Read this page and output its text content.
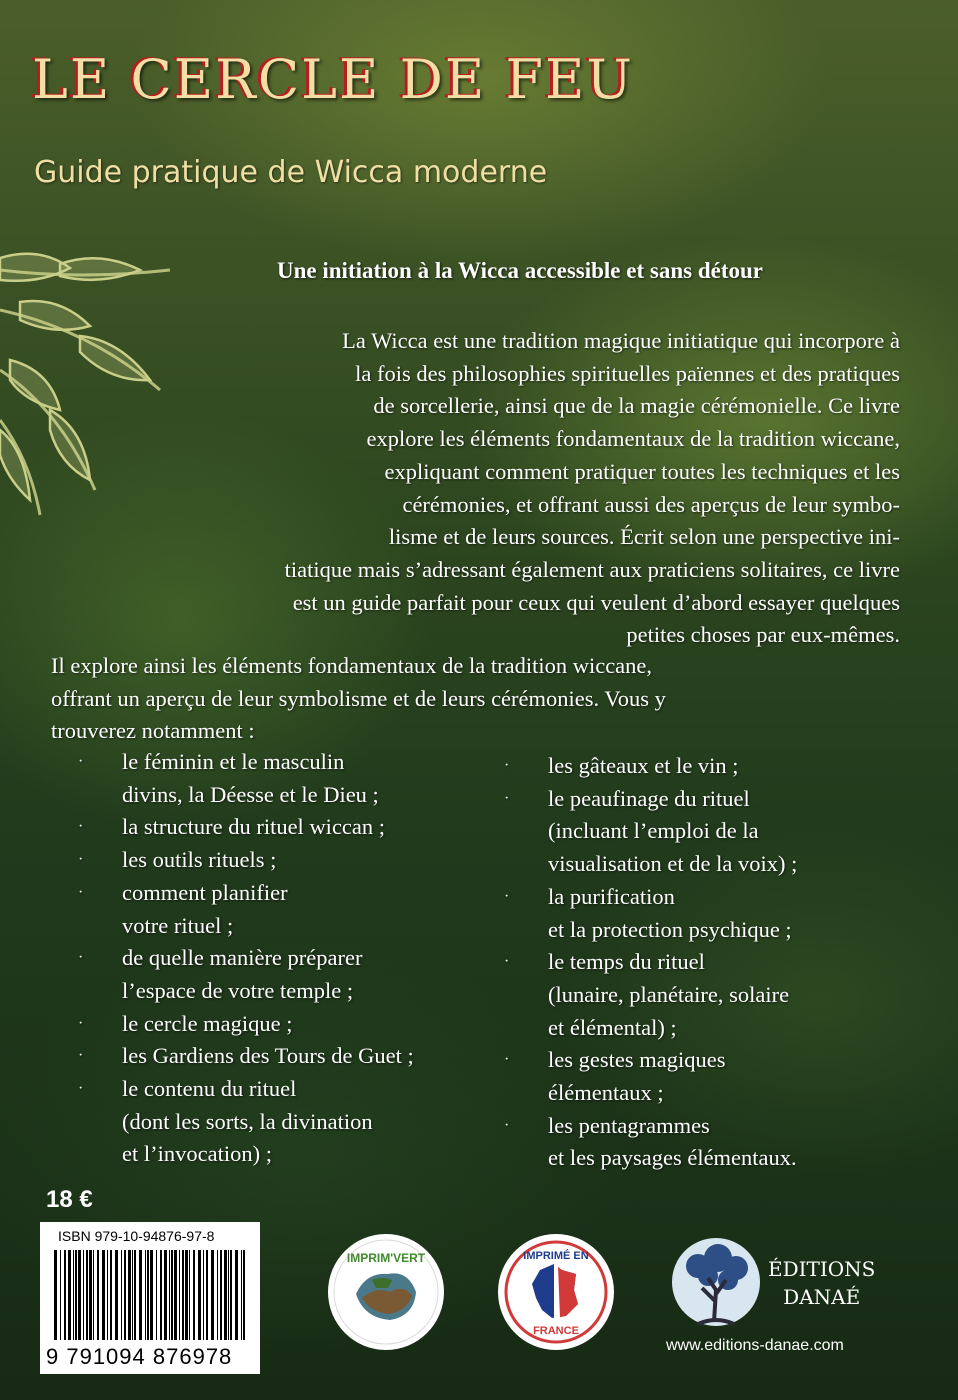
LE CERCLE DE FEU
Guide pratique de Wicca moderne
Une initiation à la Wicca accessible et sans détour
La Wicca est une tradition magique initiatique qui incorpore à
la fois des philosophies spirituelles païennes et des pratiques
de sorcellerie, ainsi que de la magie cérémonielle. Ce livre
explore les éléments fondamentaux de la tradition wiccane,
expliquant comment pratiquer toutes les techniques et les
cérémonies, et offrant aussi des aperçus de leur symbo-
lisme et de leurs sources. Écrit selon une perspective ini-
tiatique mais s’adressant également aux praticiens solitaires, ce livre
est un guide parfait pour ceux qui veulent d’abord essayer quelques
petites choses par eux-mêmes.
Il explore ainsi les éléments fondamentaux de la tradition wiccane,
offrant un aperçu de leur symbolisme et de leurs cérémonies. Vous y
trouverez notamment :
· le féminin et le masculin
divins, la Déesse et le Dieu ;
· la structure du rituel wiccan ;
· les outils rituels ;
· comment planifier
votre rituel ;
· de quelle manière préparer
l’espace de votre temple ;
· le cercle magique ;
· les Gardiens des Tours de Guet ;
· le contenu du rituel
(dont les sorts, la divination
et l’invocation) ;
· les gâteaux et le vin ;
· le peaufinage du rituel
(incluant l’emploi de la
visualisation et de la voix) ;
· la purification
et la protection psychique ;
· le temps du rituel
(lunaire, planétaire, solaire
et élémental) ;
· les gestes magiques
élémentaux ;
· les pentagrammes
et les paysages élémentaux.
18 €
ISBN 979-10-94876-97-8
9 791094 876978
IMPRIM'VERT	IMPRIMÉ EN
FRANCE
ÉDITIONS
DANAÉ
www.editions-danae.com
